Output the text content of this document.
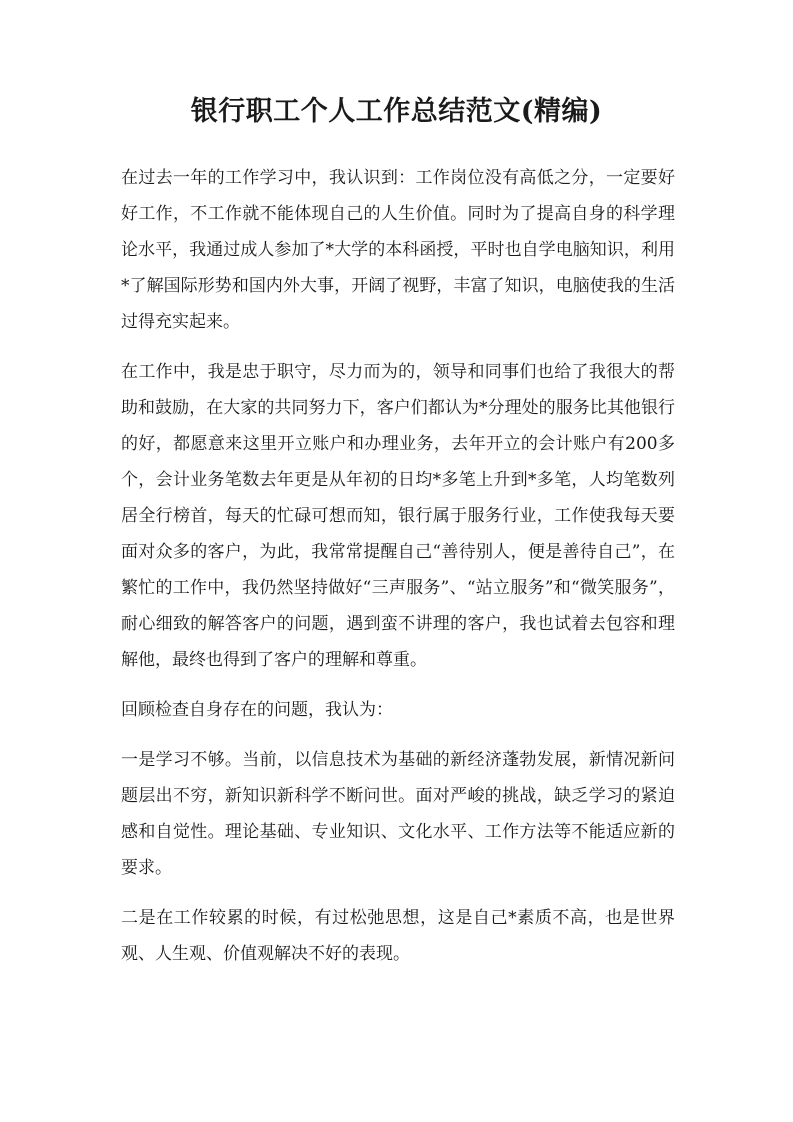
银行职工个人工作总结范文(精编)

在过去一年的工作学习中，我认识到：工作岗位没有高低之分，一定要好好工作，不工作就不能体现自己的人生价值。同时为了提高自身的科学理论水平，我通过成人参加了*大学的本科函授，平时也自学电脑知识，利用*了解国际形势和国内外大事，开阔了视野，丰富了知识，电脑使我的生活过得充实起来。

在工作中，我是忠于职守，尽力而为的，领导和同事们也给了我很大的帮助和鼓励，在大家的共同努力下，客户们都认为*分理处的服务比其他银行的好，都愿意来这里开立账户和办理业务，去年开立的会计账户有200多个，会计业务笔数去年更是从年初的日均*多笔上升到*多笔，人均笔数列居全行榜首，每天的忙碌可想而知，银行属于服务行业，工作使我每天要面对众多的客户，为此，我常常提醒自己“善待别人，便是善待自己”，在繁忙的工作中，我仍然坚持做好“三声服务”、“站立服务”和“微笑服务”，耐心细致的解答客户的问题，遇到蛮不讲理的客户，我也试着去包容和理解他，最终也得到了客户的理解和尊重。

回顾检查自身存在的问题，我认为：

一是学习不够。当前，以信息技术为基础的新经济蓬勃发展，新情况新问题层出不穷，新知识新科学不断问世。面对严峻的挑战，缺乏学习的紧迫感和自觉性。理论基础、专业知识、文化水平、工作方法等不能适应新的要求。

二是在工作较累的时候，有过松弛思想，这是自己*素质不高，也是世界观、人生观、价值观解决不好的表现。
